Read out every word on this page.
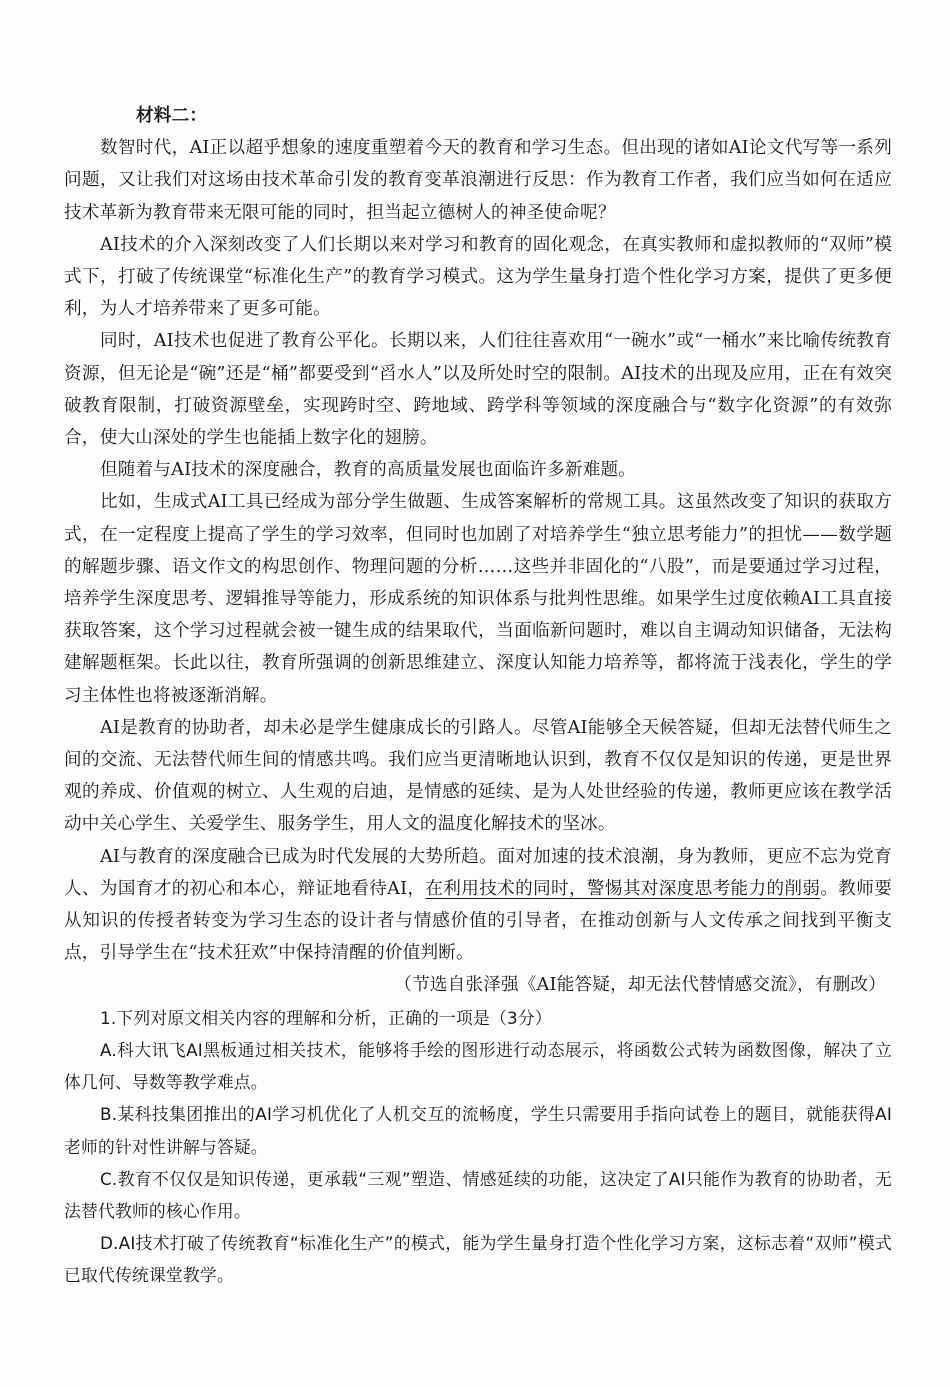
材料二：

数智时代，AI正以超乎想象的速度重塑着今天的教育和学习生态。但出现的诸如AI论文代写等一系列问题，又让我们对这场由技术革命引发的教育变革浪潮进行反思：作为教育工作者，我们应当如何在适应技术革新为教育带来无限可能的同时，担当起立德树人的神圣使命呢？

AI技术的介入深刻改变了人们长期以来对学习和教育的固化观念，在真实教师和虚拟教师的“双师”模式下，打破了传统课堂“标准化生产”的教育学习模式。这为学生量身打造个性化学习方案，提供了更多便利，为人才培养带来了更多可能。

同时，AI技术也促进了教育公平化。长期以来，人们往往喜欢用“一碗水”或“一桶水”来比喻传统教育资源，但无论是“碗”还是“桶”都要受到“舀水人”以及所处时空的限制。AI技术的出现及应用，正在有效突破教育限制，打破资源壁垒，实现跨时空、跨地域、跨学科等领域的深度融合与“数字化资源”的有效弥合，使大山深处的学生也能插上数字化的翅膀。

但随着与AI技术的深度融合，教育的高质量发展也面临许多新难题。

比如，生成式AI工具已经成为部分学生做题、生成答案解析的常规工具。这虽然改变了知识的获取方式，在一定程度上提高了学生的学习效率，但同时也加剧了对培养学生“独立思考能力”的担忧——数学题的解题步骤、语文作文的构思创作、物理问题的分析……这些并非固化的“八股”，而是要通过学习过程，培养学生深度思考、逻辑推导等能力，形成系统的知识体系与批判性思维。如果学生过度依赖AI工具直接获取答案，这个学习过程就会被一键生成的结果取代，当面临新问题时，难以自主调动知识储备，无法构建解题框架。长此以往，教育所强调的创新思维建立、深度认知能力培养等，都将流于浅表化，学生的学习主体性也将被逐渐消解。

AI是教育的协助者，却未必是学生健康成长的引路人。尽管AI能够全天候答疑，但却无法替代师生之间的交流、无法替代师生间的情感共鸣。我们应当更清晰地认识到，教育不仅仅是知识的传递，更是世界观的养成、价值观的树立、人生观的启迪，是情感的延续、是为人处世经验的传递，教师更应该在教学活动中关心学生、关爱学生、服务学生，用人文的温度化解技术的坚冰。

AI与教育的深度融合已成为时代发展的大势所趋。面对加速的技术浪潮，身为教师，更应不忘为党育人、为国育才的初心和本心，辩证地看待AI，在利用技术的同时，警惕其对深度思考能力的削弱。教师要从知识的传授者转变为学习生态的设计者与情感价值的引导者，在推动创新与人文传承之间找到平衡支点，引导学生在“技术狂欢”中保持清醒的价值判断。

（节选自张泽强《AI能答疑，却无法代替情感交流》，有删改）

1.下列对原文相关内容的理解和分析，正确的一项是（3分）

A.科大讯飞AI黑板通过相关技术，能够将手绘的图形进行动态展示，将函数公式转为函数图像，解决了立体几何、导数等教学难点。

B.某科技集团推出的AI学习机优化了人机交互的流畅度，学生只需要用手指向试卷上的题目，就能获得AI老师的针对性讲解与答疑。

C.教育不仅仅是知识传递，更承载“三观”塑造、情感延续的功能，这决定了AI只能作为教育的协助者，无法替代教师的核心作用。

D.AI技术打破了传统教育“标准化生产”的模式，能为学生量身打造个性化学习方案，这标志着“双师”模式已取代传统课堂教学。
